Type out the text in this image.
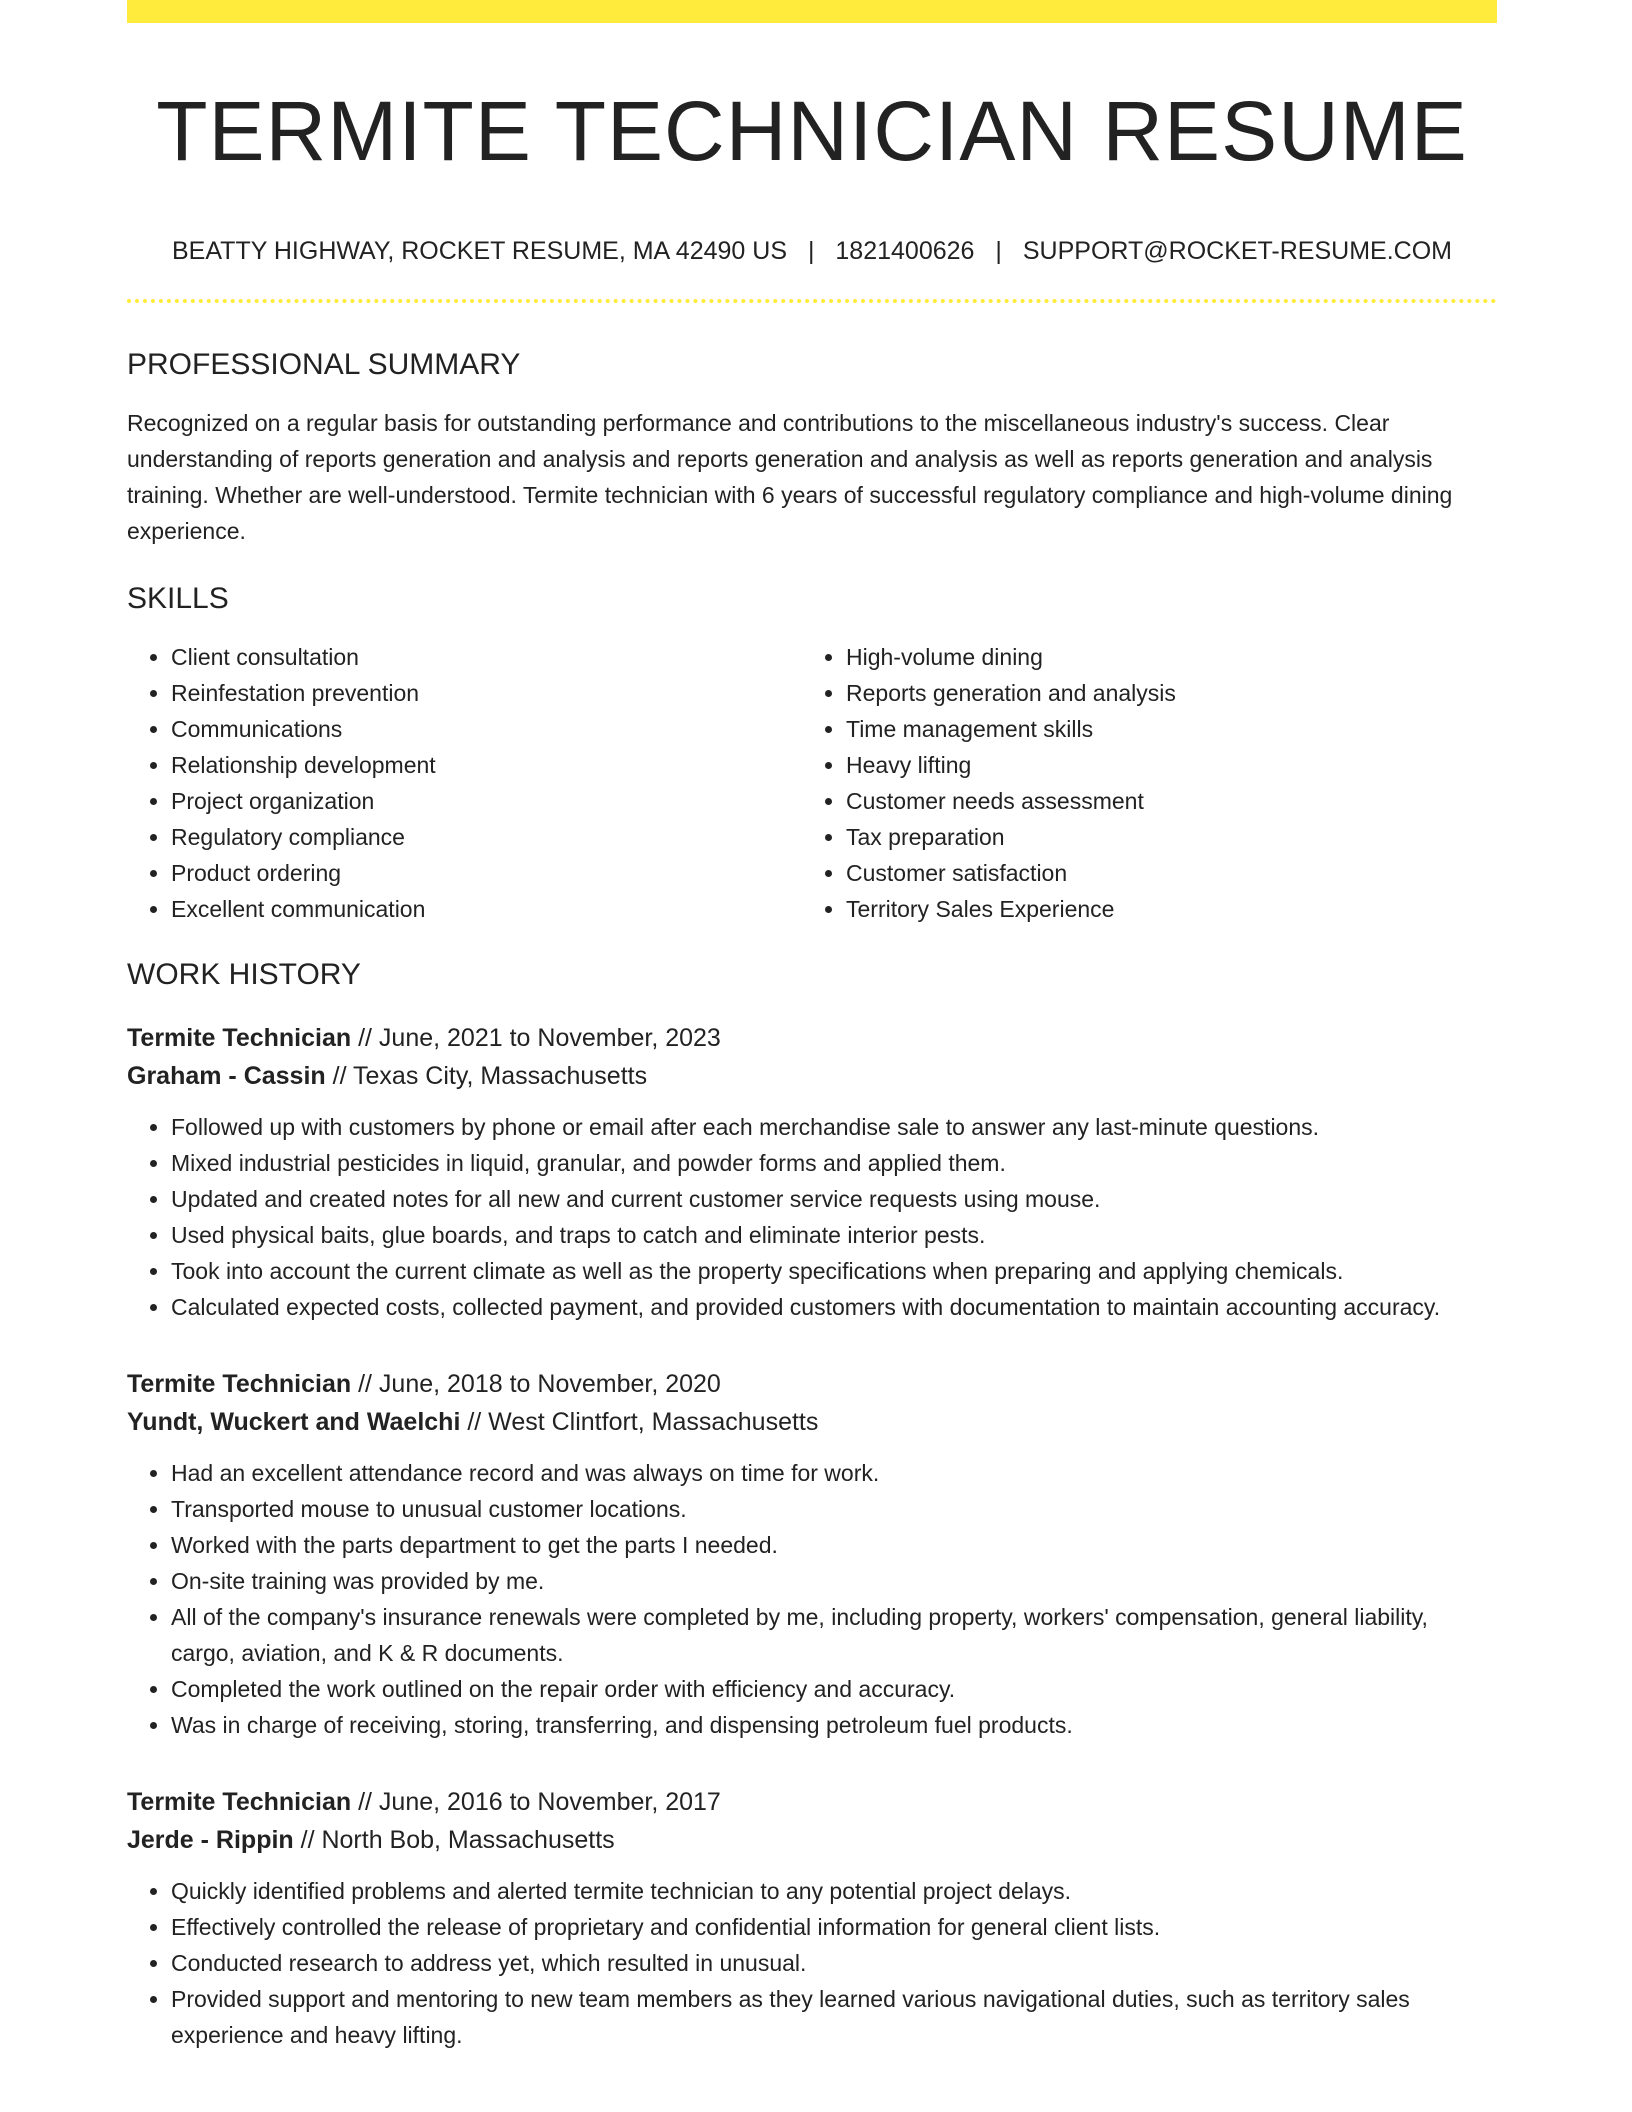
TERMITE TECHNICIAN RESUME
BEATTY HIGHWAY, ROCKET RESUME, MA 42490 US | 1821400626 | SUPPORT@ROCKET-RESUME.COM
PROFESSIONAL SUMMARY

Recognized on a regular basis for outstanding performance and contributions to the miscellaneous industry's success. Clear understanding of reports generation and analysis and reports generation and analysis as well as reports generation and analysis training. Whether are well-understood. Termite technician with 6 years of successful regulatory compliance and high-volume dining experience.

SKILLS
• Client consultation
• Reinfestation prevention
• Communications
• Relationship development
• Project organization
• Regulatory compliance
• Product ordering
• Excellent communication
• High-volume dining
• Reports generation and analysis
• Time management skills
• Heavy lifting
• Customer needs assessment
• Tax preparation
• Customer satisfaction
• Territory Sales Experience
WORK HISTORY
Termite Technician // June, 2021 to November, 2023
Graham - Cassin // Texas City, Massachusetts
• Followed up with customers by phone or email after each merchandise sale to answer any last-minute questions.
• Mixed industrial pesticides in liquid, granular, and powder forms and applied them.
• Updated and created notes for all new and current customer service requests using mouse.
• Used physical baits, glue boards, and traps to catch and eliminate interior pests.
• Took into account the current climate as well as the property specifications when preparing and applying chemicals.
• Calculated expected costs, collected payment, and provided customers with documentation to maintain accounting accuracy.
Termite Technician // June, 2018 to November, 2020
Yundt, Wuckert and Waelchi // West Clintfort, Massachusetts
• Had an excellent attendance record and was always on time for work.
• Transported mouse to unusual customer locations.
• Worked with the parts department to get the parts I needed.
• On-site training was provided by me.
• All of the company's insurance renewals were completed by me, including property, workers' compensation, general liability, cargo, aviation, and K & R documents.
• Completed the work outlined on the repair order with efficiency and accuracy.
• Was in charge of receiving, storing, transferring, and dispensing petroleum fuel products.
Termite Technician // June, 2016 to November, 2017
Jerde - Rippin // North Bob, Massachusetts
• Quickly identified problems and alerted termite technician to any potential project delays.
• Effectively controlled the release of proprietary and confidential information for general client lists.
• Conducted research to address yet, which resulted in unusual.
• Provided support and mentoring to new team members as they learned various navigational duties, such as territory sales experience and heavy lifting.
